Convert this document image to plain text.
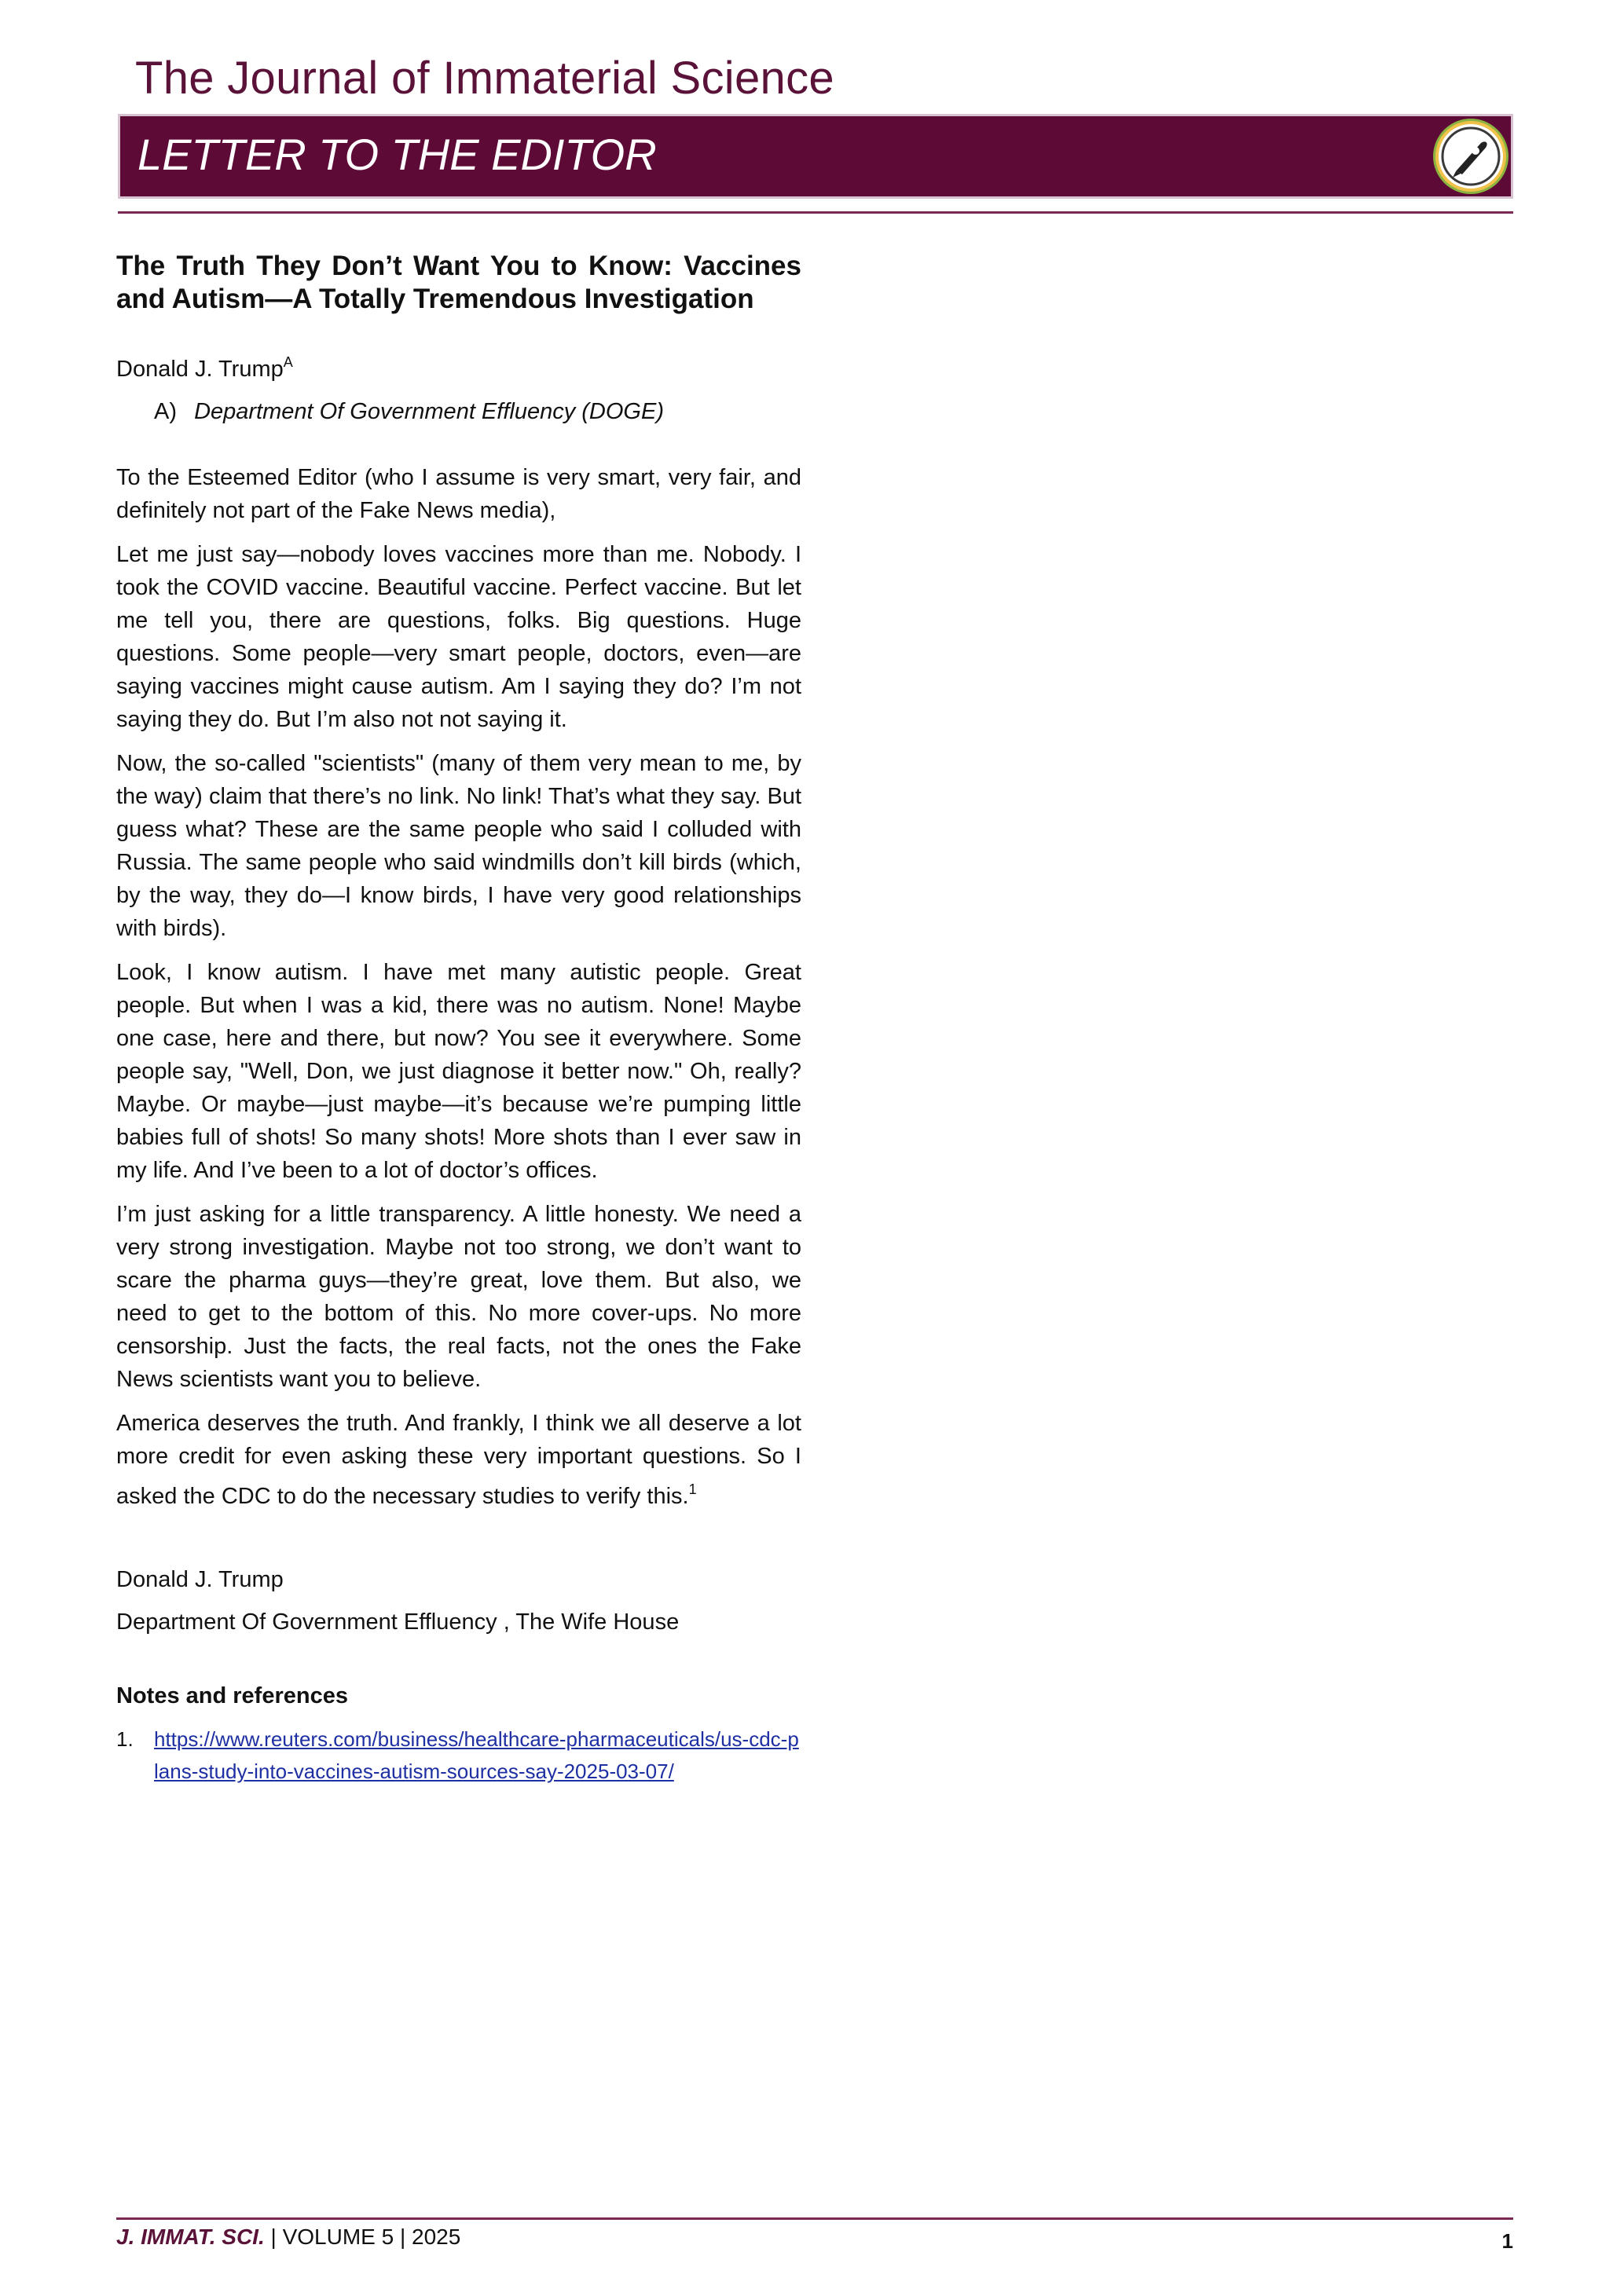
The Journal of Immaterial Science
LETTER TO THE EDITOR
The Truth They Don’t Want You to Know: Vaccines and Autism—A Totally Tremendous Investigation
Donald J. Trump$^A$
A) Department Of Government Effluency (DOGE)

To the Esteemed Editor (who I assume is very smart, very fair, and definitely not part of the Fake News media),

Let me just say—nobody loves vaccines more than me. Nobody. I took the COVID vaccine. Beautiful vaccine. Perfect vaccine. But let me tell you, there are questions, folks. Big questions. Huge questions. Some people—very smart people, doctors, even—are saying vaccines might cause autism. Am I saying they do? I’m not saying they do. But I’m also not not saying it.

Now, the so-called "scientists" (many of them very mean to me, by the way) claim that there’s no link. No link! That’s what they say. But guess what? These are the same people who said I colluded with Russia. The same people who said windmills don’t kill birds (which, by the way, they do—I know birds, I have very good relationships with birds).

Look, I know autism. I have met many autistic people. Great people. But when I was a kid, there was no autism. None! Maybe one case, here and there, but now? You see it everywhere. Some people say, "Well, Don, we just diagnose it better now." Oh, really? Maybe. Or maybe—just maybe—it’s because we’re pumping little babies full of shots! So many shots! More shots than I ever saw in my life. And I’ve been to a lot of doctor’s offices.

I’m just asking for a little transparency. A little honesty. We need a very strong investigation. Maybe not too strong, we don’t want to scare the pharma guys—they’re great, love them. But also, we need to get to the bottom of this. No more cover-ups. No more censorship. Just the facts, the real facts, not the ones the Fake News scientists want you to believe.

America deserves the truth. And frankly, I think we all deserve a lot more credit for even asking these very important questions. So I asked the CDC to do the necessary studies to verify this.$^1$

Donald J. Trump
Department Of Government Effluency , The Wife House
Notes and references
1.	https://www.reuters.com/business/healthcare-pharmaceuticals/us-cdc-plans-study-into-vaccines-autism-sources-say-2025-03-07/
J. IMMAT. SCI. | VOLUME 5 | 2025	1
